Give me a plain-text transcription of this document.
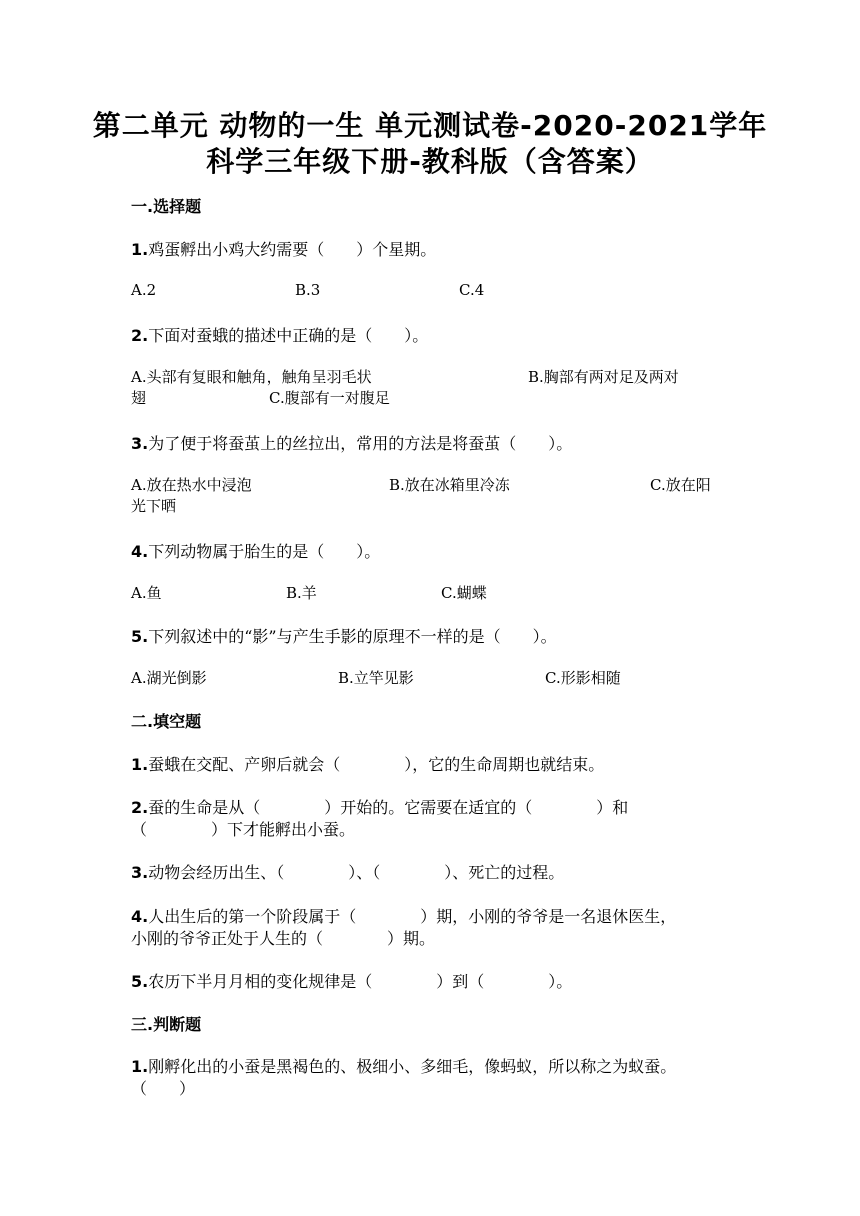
第二单元 动物的一生 单元测试卷-2020-2021学年
科学三年级下册-教科版（含答案）
一.选择题
1.鸡蛋孵出小鸡大约需要（　　）个星期。
A.2	B.3	C.4
2.下面对蚕蛾的描述中正确的是（　　）。
A.头部有复眼和触角，触角呈羽毛状	B.胸部有两对足及两对
翅	C.腹部有一对腹足
3.为了便于将蚕茧上的丝拉出，常用的方法是将蚕茧（　　）。
A.放在热水中浸泡	B.放在冰箱里冷冻	C.放在阳
光下晒
4.下列动物属于胎生的是（　　）。
A.鱼	B.羊	C.蝴蝶
5.下列叙述中的“影”与产生手影的原理不一样的是（　　）。
A.湖光倒影	B.立竿见影	C.形影相随
二.填空题
1.蚕蛾在交配、产卵后就会（　　　　），它的生命周期也就结束。
2.蚕的生命是从（　　　　）开始的。它需要在适宜的（　　　　）和
（　　　　）下才能孵出小蚕。
3.动物会经历出生、（　　　　）、（　　　　）、死亡的过程。
4.人出生后的第一个阶段属于（　　　　）期，小刚的爷爷是一名退休医生，
小刚的爷爷正处于人生的（　　　　）期。
5.农历下半月月相的变化规律是（　　　　）到（　　　　）。
三.判断题
1.刚孵化出的小蚕是黑褐色的、极细小、多细毛，像蚂蚁，所以称之为蚁蚕。
（　　）
